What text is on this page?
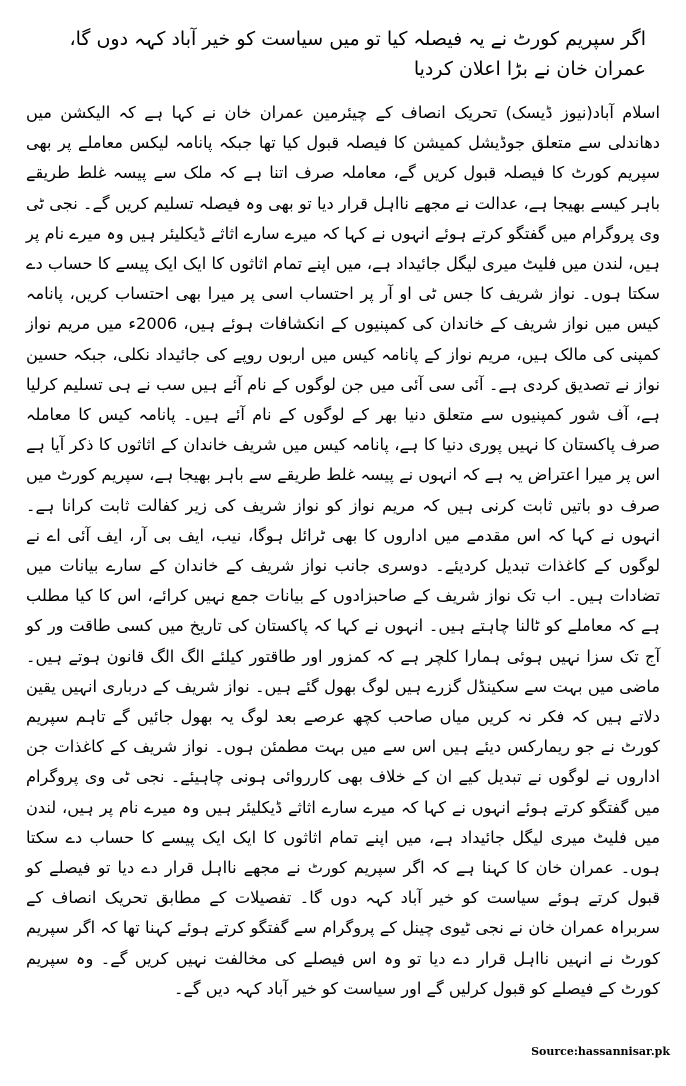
اگر سپریم کورٹ نے یہ فیصلہ کیا تو میں سیاست کو خیر آباد کہہ دوں گا، عمران خان نے بڑا اعلان کردیا

اسلام آباد(نیوز ڈیسک) تحریک انصاف کے چیئرمین عمران خان نے کہا ہے کہ الیکشن میں دھاندلی سے متعلق جوڈیشل کمیشن کا فیصلہ قبول کیا تھا جبکہ پانامہ لیکس معاملے پر بھی سپریم کورٹ کا فیصلہ قبول کریں گے، معاملہ صرف اتنا ہے کہ ملک سے پیسہ غلط طریقے باہر کیسے بھیجا ہے، عدالت نے مجھے نااہل قرار دیا تو بھی وہ فیصلہ تسلیم کریں گے۔ نجی ٹی وی پروگرام میں گفتگو کرتے ہوئے انہوں نے کہا کہ میرے سارے اثاثے ڈیکلیئر ہیں وہ میرے نام پر ہیں، لندن میں فلیٹ میری لیگل جائیداد ہے، میں اپنے تمام اثاثوں کا ایک ایک پیسے کا حساب دے سکتا ہوں۔ نواز شریف کا جس ٹی او آر پر احتساب اسی پر میرا بھی احتساب کریں، پانامہ کیس میں نواز شریف کے خاندان کی کمپنیوں کے انکشافات ہوئے ہیں، 2006ء میں مریم نواز کمپنی کی مالک ہیں، مریم نواز کے پانامہ کیس میں اربوں روپے کی جائیداد نکلی، جبکہ حسین نواز نے تصدیق کردی ہے۔ آئی سی آئی میں جن لوگوں کے نام آئے ہیں سب نے ہی تسلیم کرلیا ہے، آف شور کمپنیوں سے متعلق دنیا بھر کے لوگوں کے نام آئے ہیں۔ پانامہ کیس کا معاملہ صرف پاکستان کا نہیں پوری دنیا کا ہے، پانامہ کیس میں شریف خاندان کے اثاثوں کا ذکر آیا ہے اس پر میرا اعتراض یہ ہے کہ انہوں نے پیسہ غلط طریقے سے باہر بھیجا ہے، سپریم کورٹ میں صرف دو باتیں ثابت کرنی ہیں کہ مریم نواز کو نواز شریف کی زیر کفالت ثابت کرانا ہے۔ انہوں نے کہا کہ اس مقدمے میں اداروں کا بھی ٹرائل ہوگا، نیب، ایف بی آر، ایف آئی اے نے لوگوں کے کاغذات تبدیل کردیئے۔ دوسری جانب نواز شریف کے خاندان کے سارے بیانات میں تضادات ہیں۔ اب تک نواز شریف کے صاحبزادوں کے بیانات جمع نہیں کرائے، اس کا کیا مطلب ہے کہ معاملے کو ٹالنا چاہتے ہیں۔ انہوں نے کہا کہ پاکستان کی تاریخ میں کسی طاقت ور کو آج تک سزا نہیں ہوئی ہمارا کلچر ہے کہ کمزور اور طاقتور کیلئے الگ الگ قانون ہوتے ہیں۔ ماضی میں بہت سے سکینڈل گزرے ہیں لوگ بھول گئے ہیں۔ نواز شریف کے درباری انہیں یقین دلاتے ہیں کہ فکر نہ کریں میاں صاحب کچھ عرصے بعد لوگ یہ بھول جائیں گے تاہم سپریم کورٹ نے جو ریمارکس دیئے ہیں اس سے میں بہت مطمئن ہوں۔ نواز شریف کے کاغذات جن اداروں نے لوگوں نے تبدیل کیے ان کے خلاف بھی کارروائی ہونی چاہیئے۔ نجی ٹی وی پروگرام میں گفتگو کرتے ہوئے انہوں نے کہا کہ میرے سارے اثاثے ڈیکلیئر ہیں وہ میرے نام پر ہیں، لندن میں فلیٹ میری لیگل جائیداد ہے، میں اپنے تمام اثاثوں کا ایک ایک پیسے کا حساب دے سکتا ہوں۔ عمران خان کا کہنا ہے کہ اگر سپریم کورٹ نے مجھے نااہل قرار دے دیا تو فیصلے کو قبول کرتے ہوئے سیاست کو خیر آباد کہہ دوں گا۔ تفصیلات کے مطابق تحریک انصاف کے سربراہ عمران خان نے نجی ٹیوی چینل کے پروگرام سے گفتگو کرتے ہوئے کہنا تھا کہ اگر سپریم کورٹ نے انہیں نااہل قرار دے دیا تو وہ اس فیصلے کی مخالفت نہیں کریں گے۔ وہ سپریم کورٹ کے فیصلے کو قبول کرلیں گے اور سیاست کو خیر آباد کہہ دیں گے۔

Source:hassannisar.pk
